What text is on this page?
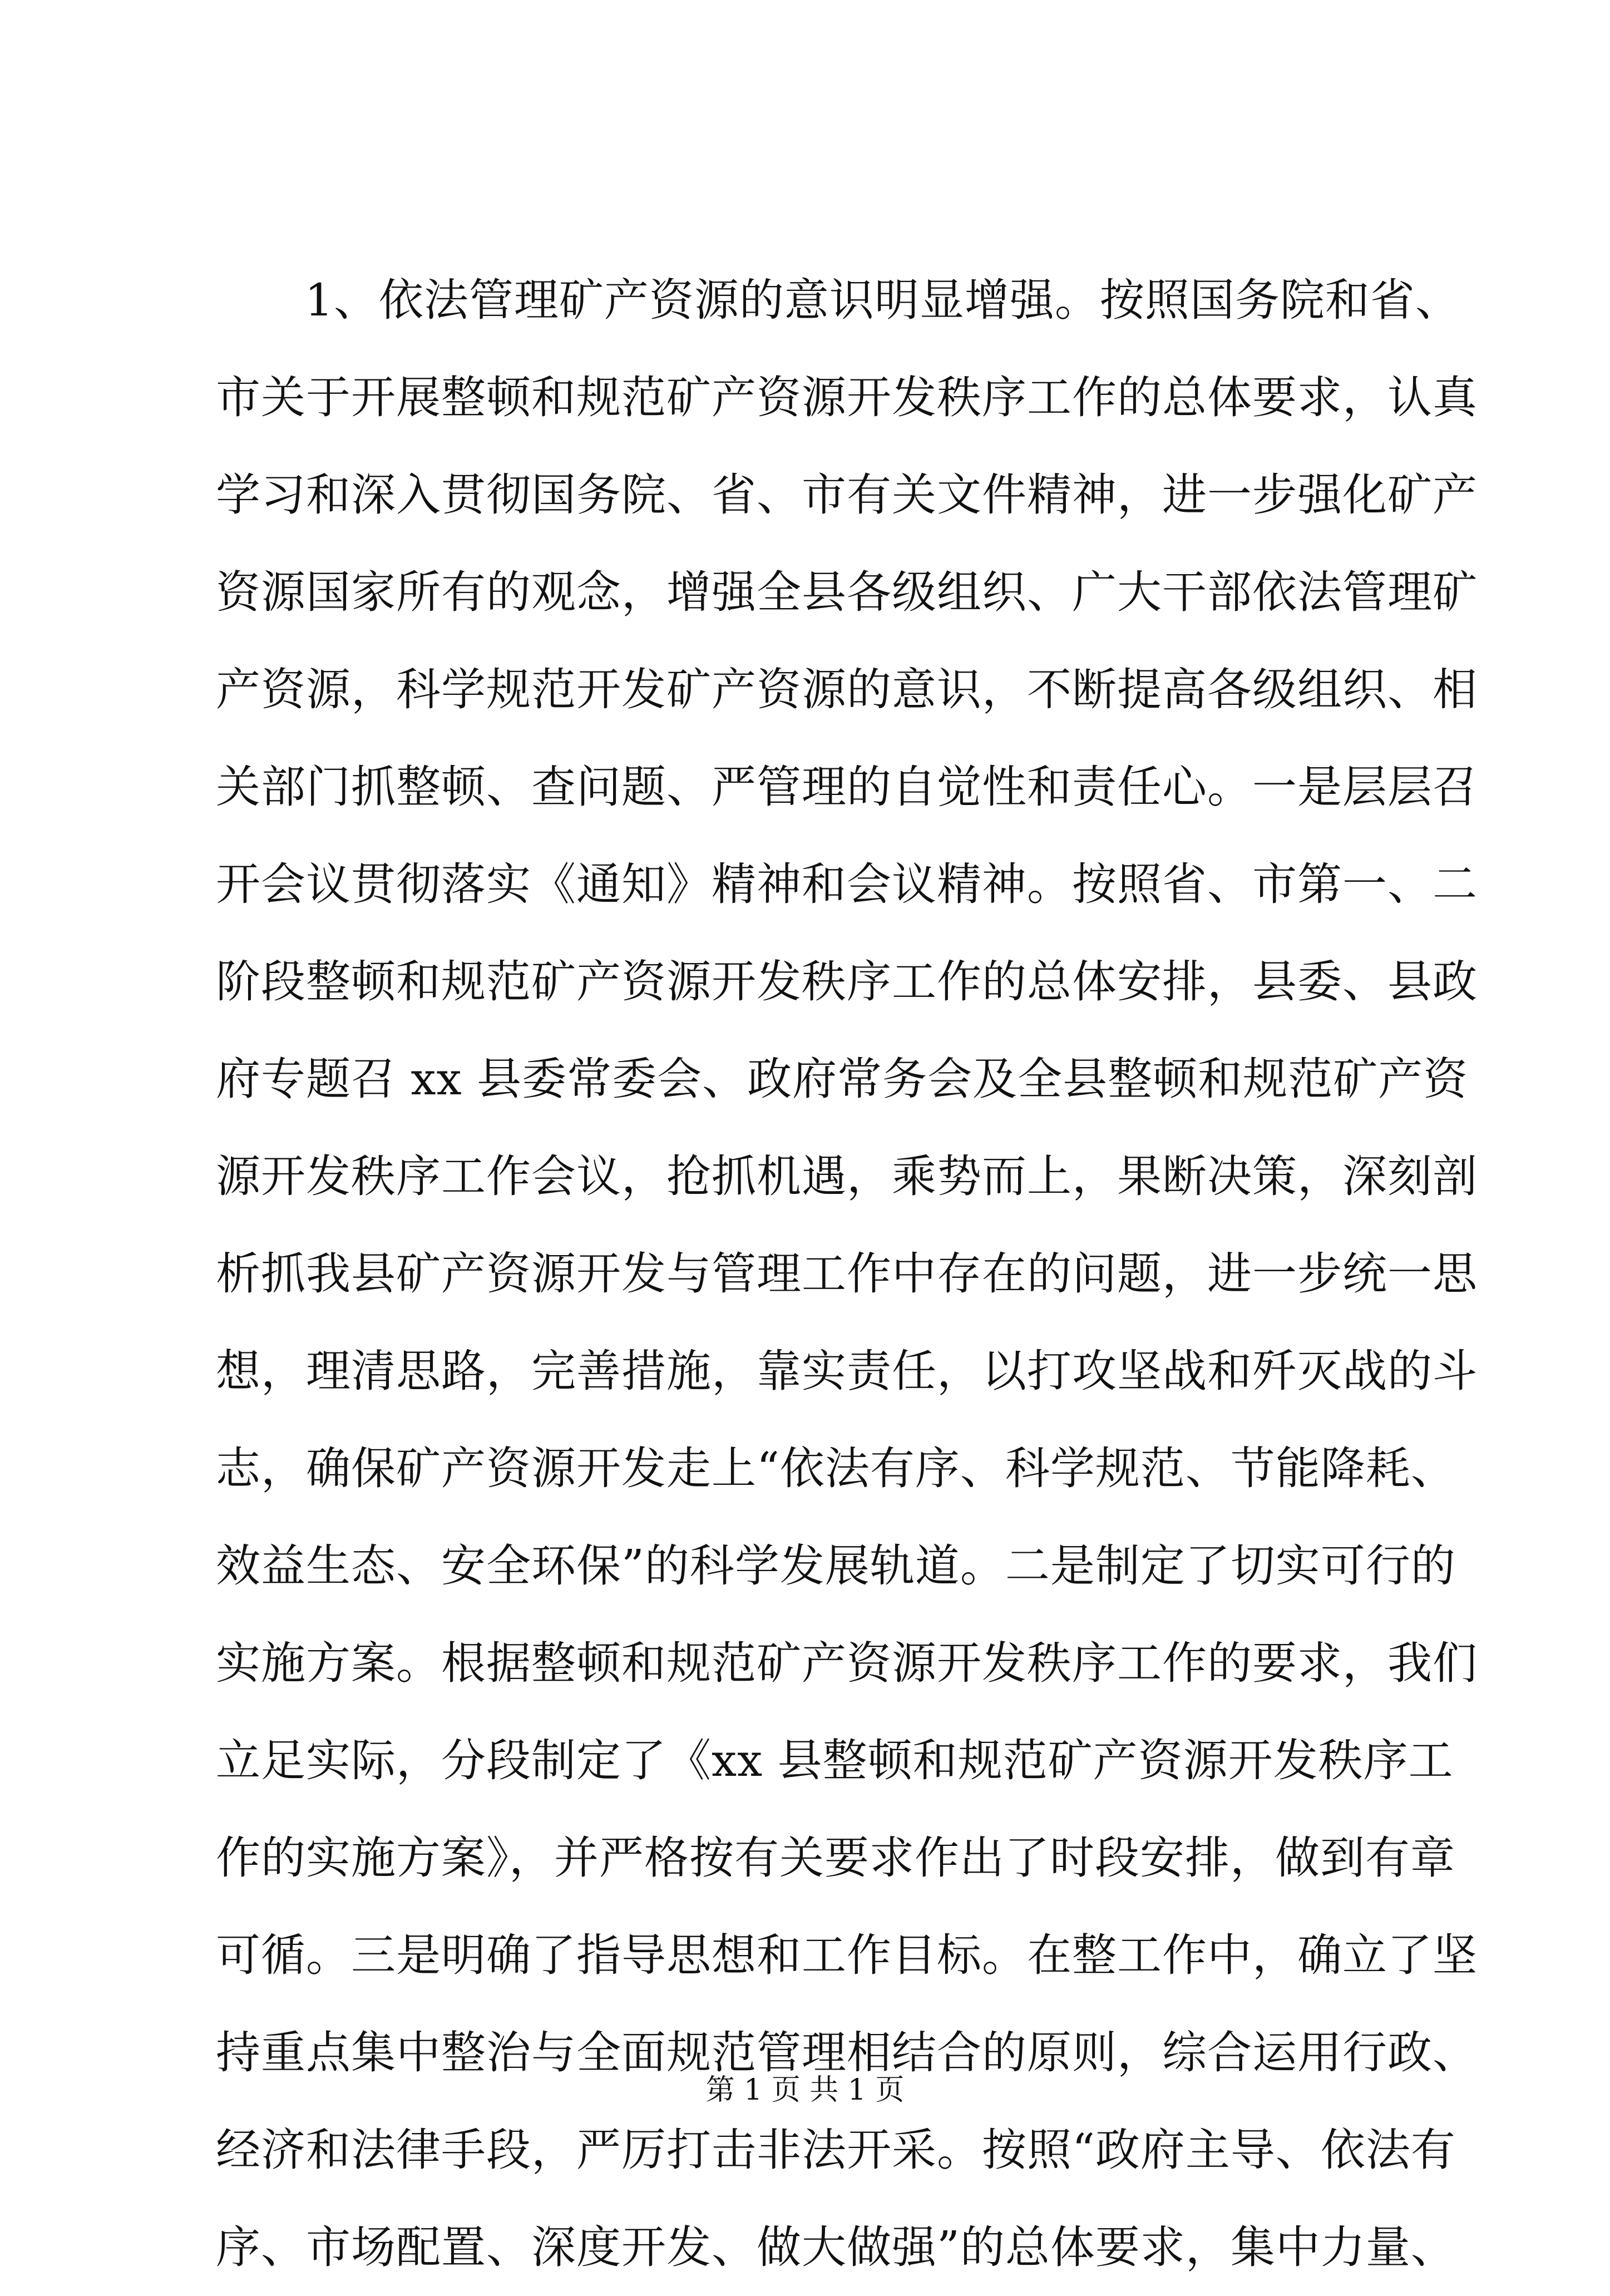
1、依法管理矿产资源的意识明显增强。按照国务院和省、
市关于开展整顿和规范矿产资源开发秩序工作的总体要求，认真
学习和深入贯彻国务院、省、市有关文件精神，进一步强化矿产
资源国家所有的观念，增强全县各级组织、广大干部依法管理矿
产资源，科学规范开发矿产资源的意识，不断提高各级组织、相
关部门抓整顿、查问题、严管理的自觉性和责任心。一是层层召
开会议贯彻落实《通知》精神和会议精神。按照省、市第一、二
阶段整顿和规范矿产资源开发秩序工作的总体安排，县委、县政
府专题召 xx 县委常委会、政府常务会及全县整顿和规范矿产资
源开发秩序工作会议，抢抓机遇，乘势而上，果断决策，深刻剖
析抓我县矿产资源开发与管理工作中存在的问题，进一步统一思
想，理清思路，完善措施，靠实责任，以打攻坚战和歼灭战的斗
志，确保矿产资源开发走上“依法有序、科学规范、节能降耗、
效益生态、安全环保”的科学发展轨道。二是制定了切实可行的
实施方案。根据整顿和规范矿产资源开发秩序工作的要求，我们
立足实际，分段制定了《xx 县整顿和规范矿产资源开发秩序工
作的实施方案》，并严格按有关要求作出了时段安排，做到有章
可循。三是明确了指导思想和工作目标。在整工作中，确立了坚
持重点集中整治与全面规范管理相结合的原则，综合运用行政、
经济和法律手段，严厉打击非法开采。按照“政府主导、依法有
序、市场配置、深度开发、做大做强”的总体要求，集中力量、
第 1 页 共 1 页
